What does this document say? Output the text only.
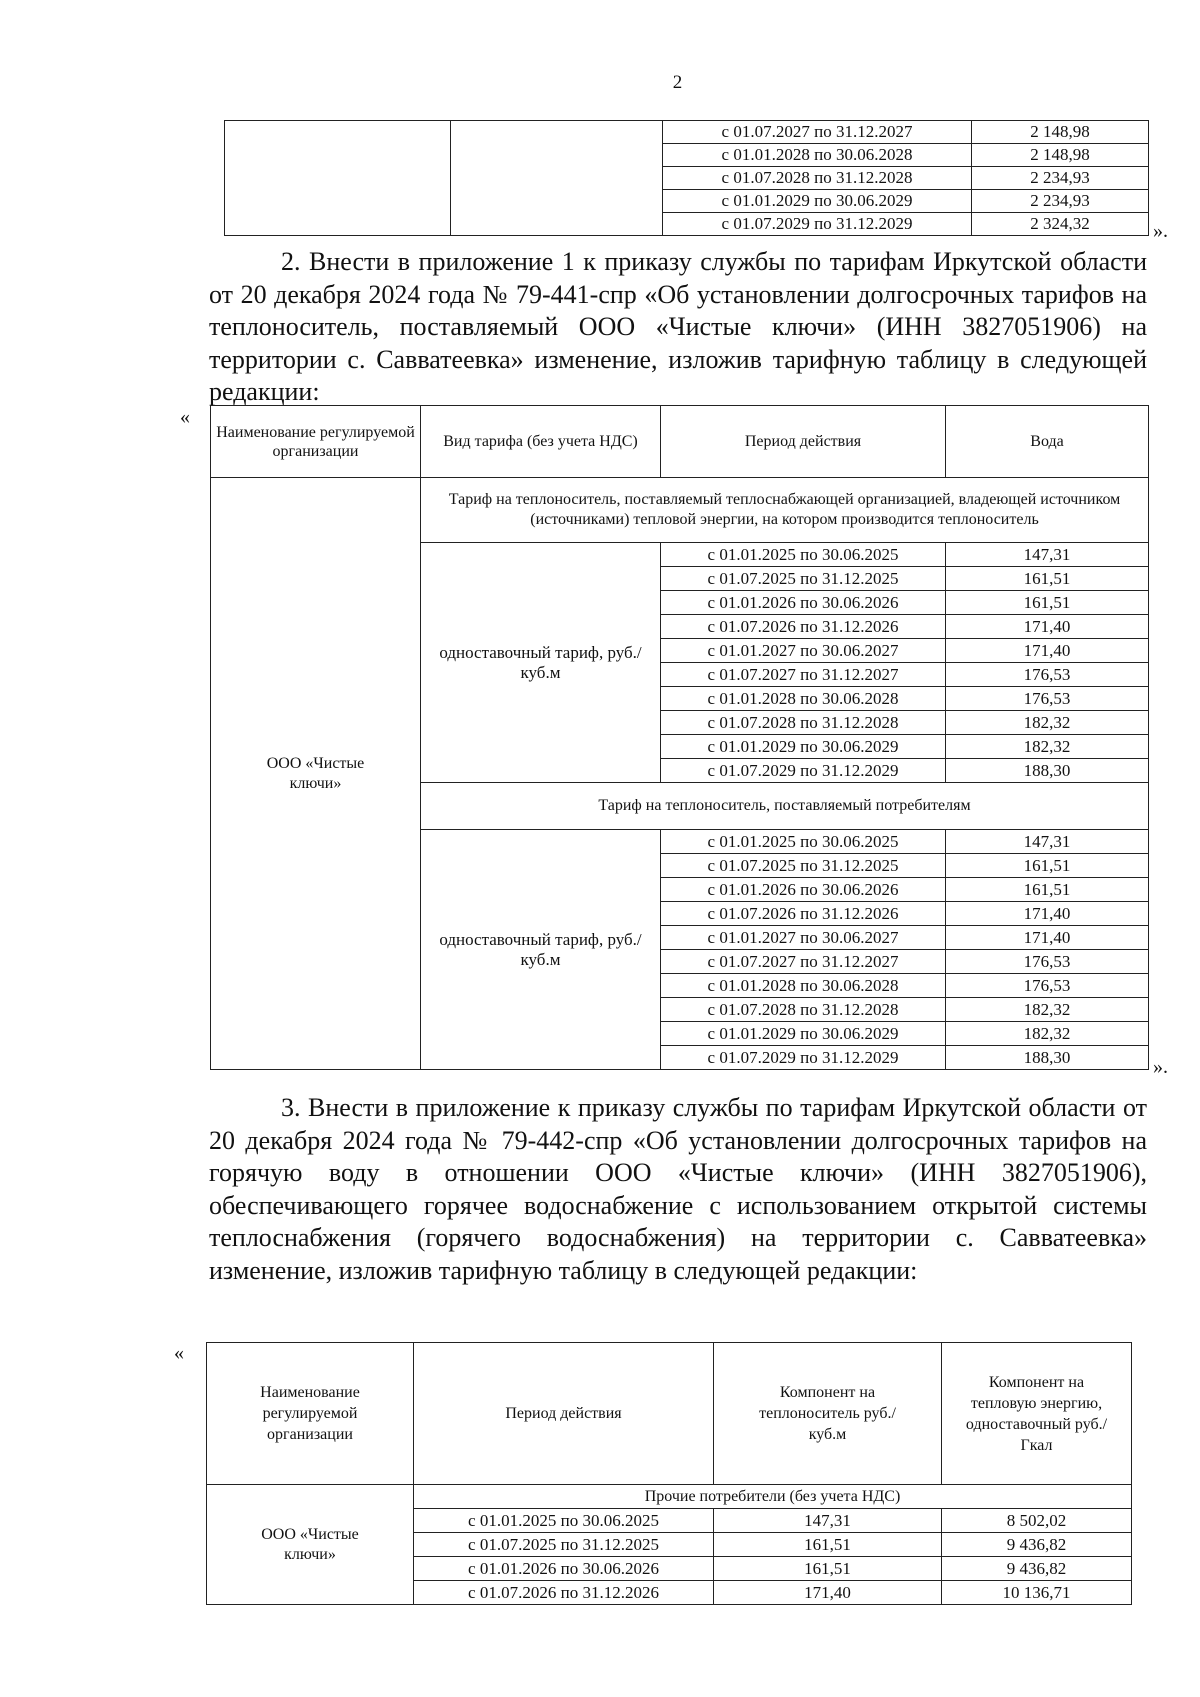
2
		с 01.07.2027 по 31.12.2027	2 148,98
		с 01.01.2028 по 30.06.2028	2 148,98
		с 01.07.2028 по 31.12.2028	2 234,93
		с 01.01.2029 по 30.06.2029	2 234,93
		с 01.07.2029 по 31.12.2029	2 324,32	».

2. Внести в приложение 1 к приказу службы по тарифам Иркутской области от 20 декабря 2024 года № 79-441-спр «Об установлении долгосрочных тарифов на теплоноситель, поставляемый ООО «Чистые ключи» (ИНН 3827051906) на территории с. Савватеевка» изменение, изложив тарифную таблицу в следующей редакции:

«
Наименование регулируемой организации	Вид тарифа (без учета НДС)	Период действия	Вода
ООО «Чистые ключи»	Тариф на теплоноситель, поставляемый теплоснабжающей организацией, владеющей источником (источниками) тепловой энергии, на котором производится теплоноситель		
	одноставочный тариф, руб./куб.м	с 01.01.2025 по 30.06.2025	147,31
		с 01.07.2025 по 31.12.2025	161,51
		с 01.01.2026 по 30.06.2026	161,51
		с 01.07.2026 по 31.12.2026	171,40
		с 01.01.2027 по 30.06.2027	171,40
		с 01.07.2027 по 31.12.2027	176,53
		с 01.01.2028 по 30.06.2028	176,53
		с 01.07.2028 по 31.12.2028	182,32
		с 01.01.2029 по 30.06.2029	182,32
		с 01.07.2029 по 31.12.2029	188,30
	Тариф на теплоноситель, поставляемый потребителям		
	одноставочный тариф, руб./куб.м	с 01.01.2025 по 30.06.2025	147,31
		с 01.07.2025 по 31.12.2025	161,51
		с 01.01.2026 по 30.06.2026	161,51
		с 01.07.2026 по 31.12.2026	171,40
		с 01.01.2027 по 30.06.2027	171,40
		с 01.07.2027 по 31.12.2027	176,53
		с 01.01.2028 по 30.06.2028	176,53
		с 01.07.2028 по 31.12.2028	182,32
		с 01.01.2029 по 30.06.2029	182,32
		с 01.07.2029 по 31.12.2029	188,30	».

3. Внести в приложение к приказу службы по тарифам Иркутской области от 20 декабря 2024 года № 79-442-спр «Об установлении долгосрочных тарифов на горячую воду в отношении ООО «Чистые ключи» (ИНН 3827051906), обеспечивающего горячее водоснабжение с использованием открытой системы теплоснабжения (горячего водоснабжения) на территории с. Савватеевка» изменение, изложив тарифную таблицу в следующей редакции:

«
Наименование регулируемой организации	Период действия	Компонент на теплоноситель руб./куб.м	Компонент на тепловую энергию, одноставочный руб./Гкал
ООО «Чистые ключи»	Прочие потребители (без учета НДС)		
	с 01.01.2025 по 30.06.2025	147,31	8 502,02
	с 01.07.2025 по 31.12.2025	161,51	9 436,82
	с 01.01.2026 по 30.06.2026	161,51	9 436,82
	с 01.07.2026 по 31.12.2026	171,40	10 136,71
